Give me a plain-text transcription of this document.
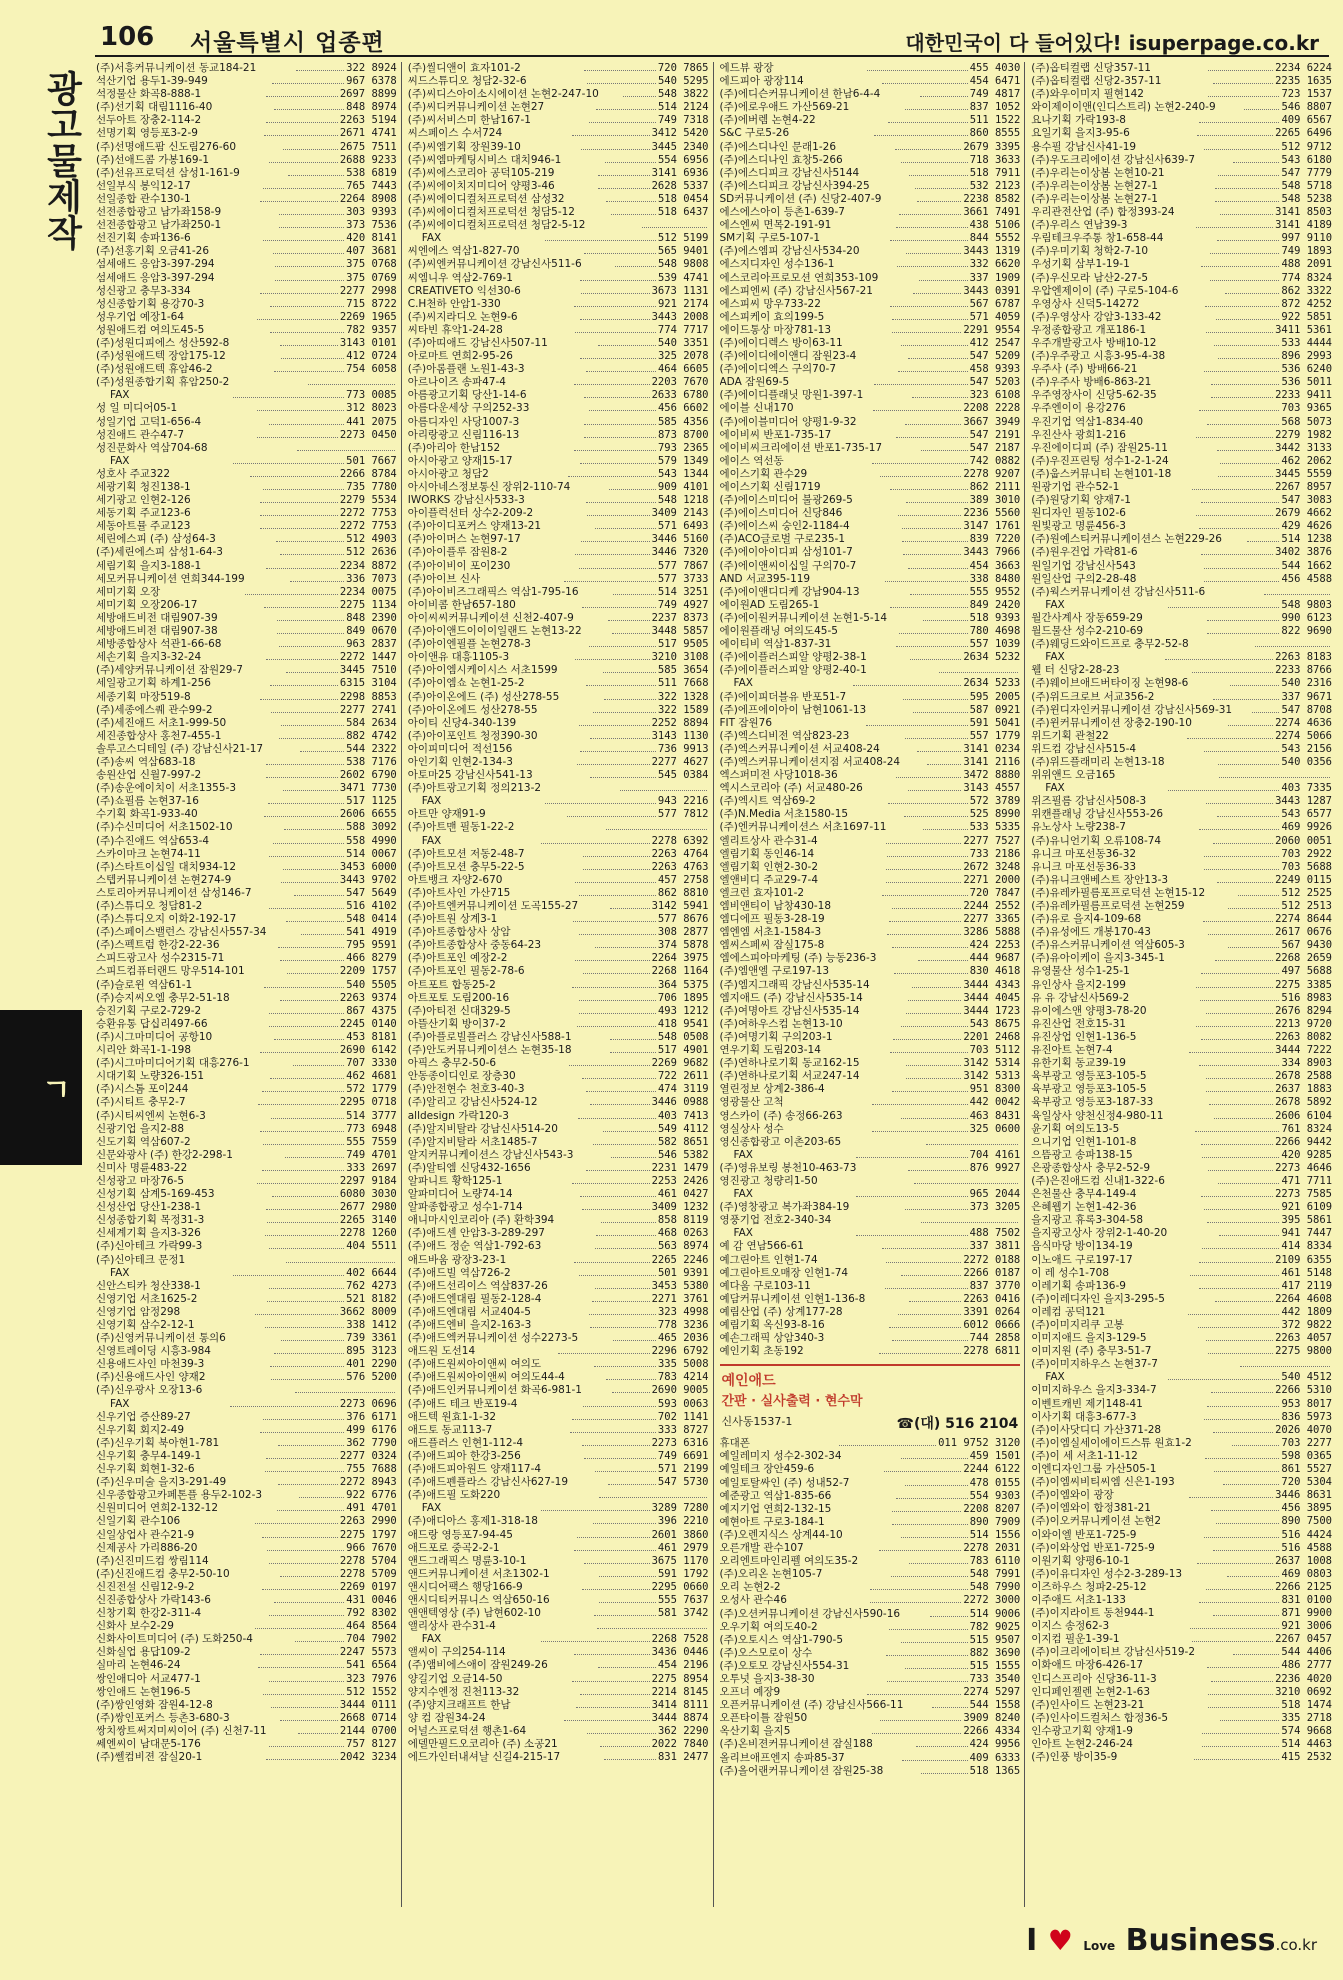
106 서울특별시 업종편	대한민국이 다 들어있다! isuperpage.co.kr
광고물제작
ㄱ
(주)서흥커뮤니케이션 동교184-21	322 8924
석산기업 용두1-39-949	967 6378
석정물산 화곡8-888-1	2697 8899
(주)선기획 대림1116-40	848 8974
선두아트 장충2-114-2	2263 5194
선명기획 영등포3-2-9	2671 4741
(주)선명애드팜 신도림276-60	2675 7511
(주)선애드콤 가봉169-1	2688 9233
(주)선유프로덕션 삼성1-161-9	538 6819
선일부식 봉익12-17	765 7443
선일종합 관수130-1	2264 8908
선전종합광고 남가좌158-9	303 9393
선전종합광고 남가좌250-1	373 7536
선진기획 송파136-6	420 8141
(주)선홍기획 오금41-26	407 3681
섬세애드 응암3-397-294	375 0768
섬세애드 응암3-397-294	375 0769
성신광고 충무3-334	2277 2998
성신종합기획 용강70-3	715 8722
성우기업 예장1-64	2269 1965
성원애드컴 여의도45-5	782 9357
(주)성원디피에스 성산592-8	3143 0101
(주)성원애드텍 장암175-12	412 0724
(주)성원애드텍 휴암46-2	754 6058
(주)성원종합기획 휴암250-2
FAX	773 0085
성 일 미디어05-1	312 8023
성일기업 고덕1-656-4	441 2075
성진애드 관수47-7	2273 0450
성진문화사 역삼704-68
FAX	501 7667
성호사 주교322	2266 8784
세광기획 청진138-1	735 7780
세기광고 인현2-126	2279 5534
세동기획 주교123-6	2272 7753
세동아트뮬 주교123	2272 7753
세린에스피 (주) 삼성64-3	512 4903
(주)세린에스피 삼성1-64-3	512 2636
세림기획 을지3-188-1	2234 8872
세모커뮤니케이션 연희344-199	336 7073
세미기획 오장	2234 0075
세미기획 오장206-17	2275 1134
세방애드비전 대림907-39	848 2390
세방애드비전 대림907-38	849 0670
세방종합상사 석관1-66-68	963 2837
세손기획 을지3-32-24	2272 1447
(주)세양커뮤니케이션 잠원29-7	3445 7510
세일광고기획 하계1-256	6315 3104
세종기획 마장519-8	2298 8853
(주)세종에스퀘 관수99-2	2277 2741
(주)세진애드 서초1-999-50	584 2634
세진종합상사 홍천7-455-1	882 4742
솔루고스디테일 (주) 강남신사21-17	544 2322
(주)송씨 역삼683-18	538 7176
송원산업 신월7-997-2	2602 6790
(주)송운에이치이 서초1355-3	3471 7730
(주)쇼필름 논현37-16	517 1125
수기획 화곡1-933-40	2606 6655
(주)수신미디어 서초1502-10	588 3092
(주)수진애드 역삼653-4	558 4990
스카이마크 논현74-11	514 0067
(주)스타트이십일 대치934-12	3453 6000
스텝커뮤니케이션 논현274-9	3443 9702
스토리아커뮤니케이션 삼성146-7	547 5649
(주)스튜디오 청담81-2	516 4102
(주)스튜디오지 이화2-192-17	548 0414
(주)스페이스밸런스 강남신사557-34	541 4919
(주)스펙트럼 한강2-22-36	795 9591
스피드광고사 성수2315-71	466 8279
스피드컴퓨터랜드 망우514-101	2209 1757
(주)슬로윈 역삼61-1	540 5505
(주)승지씨오엠 충무2-51-18	2263 9374
승진기획 구로2-729-2	867 4375
승환유통 답십리497-66	2245 0140
(주)시그마미디어 공항10	453 8181
시리안 화곡1-1-198	2690 6142
(주)시그마미디어기획 대흥276-1	707 3330
시대기획 노량326-151	462 4681
(주)시스톰 포이244	572 1779
(주)시티트 충무2-7	2295 0718
(주)시티씨엔씨 논현6-3	514 3777
신광기업 을지2-88	773 6948
신도기획 역삼607-2	555 7559
신문와광사 (주) 한강2-298-1	749 4701
신미사 명륜483-22	333 2697
신성광고 마장76-5	2297 9184
신성기획 삼계5-169-453	6080 3030
신성산업 당산1-238-1	2677 2980
신성종합기획 목정31-3	2265 3140
신세계기획 을지3-326	2278 1260
(주)신아테크 가락99-3	404 5511
(주)신아테크 문정1
FAX	402 6644
신안스티카 청산338-1	762 4273
신영기업 서초1625-2	521 8182
신영기업 암정298	3662 8009
신영기획 삼수2-12-1	338 1412
(주)신영커뮤니케이션 통의6	739 3361
신영트레이딩 시흥3-984	895 3123
신용애드사인 마천39-3	401 2290
(주)신용애드사인 양재2	576 5200
(주)신우광사 오장13-6
FAX	2273 0696
신우기업 증산89-27	376 6171
신우기획 회지2-49	499 6176
(주)신우기획 북아현1-781	362 7790
신우기획 충무4-149-1	2277 0324
신우기획 회현1-32-6	755 7688
(주)신우미술 을지3-291-49	2272 8943
신우종합광고카페톤플 용두2-102-3	922 6776
신원미디어 연희2-132-12	491 4701
신일기획 관수106	2263 2990
신일상업사 관수21-9	2275 1797
신제공사 가리886-20	966 7670
(주)신진미드컴 쌍림114	2278 5704
(주)신진애드컴 충무2-50-10	2278 5709
신진전설 신림12-9-2	2269 0197
신진종합상사 가락143-6	431 0046
신창기획 한강2-311-4	792 8302
신화사 보수2-29	464 8564
신화사이트미디어 (주) 도화250-4	704 7902
신화실업 용답109-2	2247 5573
실마리 논현46-24	541 6564
쌍인애디아 서교477-1	323 7976
쌍인애드 논현196-5	512 1552
(주)쌍인영화 잠원4-12-8	3444 0111
(주)쌍인포커스 등촌3-680-3	2668 0714
쌍치쌍트써지미씨이어 (주) 신천7-11	2144 0700
쎄엔씨이 남대문5-176	757 8127
(주)쎌컴비젼 잠실20-1	2042 3234
(주)씰디앤이 효자101-2	720 7865
씨드스튜디오 청담2-32-6	540 5295
(주)씨디스아이소시에이션 논현2-247-10	548 3822
(주)씨디커뮤니케이션 논현27	514 2124
(주)씨서비스미 한남167-1	749 7318
씨스페이스 수서724	3412 5420
(주)씨엠기획 장원39-10	3445 2340
(주)씨엠마케팅시비스 대치946-1	554 6956
(주)씨에스코리아 공덕105-219	3141 6936
(주)씨에이치지미디어 양평3-46	2628 5337
(주)씨에이디컬처프로덕션 삼성32	518 0454
(주)씨에이디컬처프로덕션 청담5-12	518 6437
(주)씨에이디컬처프로덕션 청담2-5-12
FAX	512 5199
씨엔에스 역삼1-827-70	565 9401
(주)씨엔커뮤니케이션 강남신사511-6	548 9808
씨엠니우 역삼2-769-1	539 4741
CREATIVETO 익선30-6	3673 1131
C.H천하 안암1-330	921 2174
(주)씨지라디오 논현9-6	3443 2008
씨타빈 휴악1-24-28	774 7717
(주)아띠애드 강남신사507-11	540 3351
아로마트 연희2-95-26	325 2078
(주)아롬플랜 노원1-43-3	464 6605
아르나이즈 송파47-4	2203 7670
아름광고기획 당산1-14-6	2633 6780
아름다운세상 구의252-33	456 6602
아름디자인 사당1007-3	585 4356
아리랑광고 신림116-13	873 8700
(주)아리아 한남152	793 2365
아시아광고 양재15-17	579 1349
아시아광고 청담2	543 1344
아시아네스정보통신 장위2-110-74	909 4101
IWORKS 강남신사533-3	548 1218
아이플럭선터 상수2-209-2	3409 2143
(주)아이디포커스 양재13-21	571 6493
(주)아이머스 논현97-17	3446 5160
(주)아이플루 잠원8-2	3446 7320
(주)아이비이 포이230	577 7867
(주)아이브 신사	577 3733
(주)아이비즈그래픽스 역삼1-795-16	514 3251
아이비콤 한남657-180	749 4927
아이씨씨커뮤니케이션 신천2-407-9	2237 8373
(주)아이앤드이이이일랜드 논현13-22	3448 5857
(주)아이엔필플 논현278-3	517 9505
아이앤유 대흥1105-3	3210 3108
(주)아이엠시케이시스 서초1599	585 3654
(주)아이엠쇼 논현1-25-2	511 7668
(주)아이온에드 (주) 성산278-55	322 1328
(주)아이온에드 성산278-55	322 1589
아이티 신당4-340-139	2252 8894
(주)아이포인트 청정390-30	3143 1130
아이피미디어 적선156	736 9913
아인기획 인현2-134-3	2277 4627
아토마25 강남신사541-13	545 0384
(주)아트광고기획 정의213-2
FAX	943 2216
아트만 양재91-9	577 7812
(주)아트맨 필동1-22-2
FAX	2278 6392
(주)아트모션 저동2-48-7	2263 4764
(주)아트모션 충무5-22-5	2263 4763
아트뱅크 자양2-670	457 2758
(주)아트사인 가산715	862 8810
(주)아트엔커뮤니케이션 도곡155-27	3142 5941
(주)아트원 상계3-1	577 8676
(주)아트종합상사 상암	308 2877
(주)아트종합상사 중동64-23	374 5878
(주)아트포인 예장2-2	2264 3975
(주)아트포인 필동2-78-6	2268 1164
아트포트 합동25-2	364 5375
아트포토 도림200-16	706 1895
(주)아티전 신대329-5	493 1212
아뜰산기획 방이37-2	418 9541
(주)아플로빌플러스 강남신사588-1	548 0508
(주)안도커뮤니케이션스 논현35-18	517 4901
아픽스 충무2-50-6	2269 9682
안동종이디인로 장층30	722 2611
(주)안전현수 천호3-40-3	474 3119
(주)알리고 강남신사524-12	3446 0988
alldesign 가락120-3	403 7413
(주)알지비탈라 강남신사514-20	549 4112
(주)알지비탈라 서초1485-7	582 8651
알지커뮤니케이션스 강남신사543-3	546 5382
(주)알티엠 신당432-1656	2231 1479
알파니트 황학125-1	2253 2426
알파미디어 노량74-14	461 0427
알파종합광고 성수1-714	3409 1232
애니마시인코리아 (주) 환학394	858 8119
(주)애드센 안암3-3-289-297	468 0263
(주)애드 정순 역삼1-792-63	563 8974
애드바움 광장3-23-1	2265 2246
(주)애드빌 역삼726-2	501 9391
(주)애드선리이스 역삼837-26	3453 5380
(주)애드엔대림 필동2-128-4	2271 3761
(주)애드엔대림 서교404-5	323 4998
(주)애드엔비 을지2-163-3	778 3236
(주)애드엑커뮤니케이션 성수2273-5	465 2036
애드원 도선14	2296 6792
(주)애드원씨아이앤씨 여의도	335 5008
(주)애드원씨아이앤씨 여의도44-4	783 4214
(주)애드인커뮤니케이션 화곡6-981-1	2690 9005
(주)애드 테크 반포19-4	593 0063
애드텍 원효1-1-32	702 1141
애드토 동교113-7	333 8727
애드플러스 인현1-112-4	2273 6316
(주)애드피아 한강3-256	749 6691
(주)애드피아원드 양재117-4	571 2199
(주)애드펜플라스 강남신사627-19	547 5730
(주)애드필 도화220
FAX	3289 7280
(주)애디아스 홍제1-318-18	396 2210
애드랑 영등포7-94-45	2601 3860
애드포로 중곡2-2-1	461 2979
앤드그래픽스 명륜3-10-1	3675 1170
앤드커뮤니케이션 서초1302-1	591 1792
앤시디어팩스 행당166-9	2295 0660
앤시디티커뮤니스 역삼650-16	555 7637
앤앤텍영상 (주) 남현602-10	581 3742
앨리상사 관수31-4
FAX	2268 7528
앨씨이 구의254-114	3436 0446
(주)앰비에스애이 잠원249-26	454 2196
양길기업 오금14-50	2275 8954
양지수엔정 진천113-32	2214 8145
(주)양지크래프트 한남	3414 8111
양 컴 잠원34-24	3444 8874
어널스프로덕션 행촌1-64	362 2290
에델만필드오코리아 (주) 소공21	2022 7840
에드가인터내셔날 신길4-215-17	831 2477
에드뷰 광장	455 4030
에드피아 광장114	454 6471
(주)에디슨커뮤니케이션 한남6-4-4	749 4817
(주)에로우애드 가산569-21	837 1052
(주)에버렘 논현4-22	511 1522
S&C 구로5-26	860 8555
(주)에스디나인 문래1-26	2679 3395
(주)에스디나인 효창5-266	718 3633
(주)에스디피크 강남신사5144	518 7911
(주)에스디피크 강남신사394-25	532 2123
SD커뮤니케이션 (주) 신당2-407-9	2238 8582
에스에스아이 등촌1-639-7	3661 7491
에스엔씨 면목2-191-91	438 5106
SM기획 구로5-107-1	844 5552
(주)에스엠피 강남신사534-20	3443 1319
에스지디자인 성수136-1	332 6620
에스코리아프로모션 연희353-109	337 1909
에스피엔씨 (주) 강남신사567-21	3443 0391
에스피씨 망우733-22	567 6787
에스피케이 효의199-5	571 4059
에이드통상 마장781-13	2291 9554
(주)에이디렉스 방이63-11	412 2547
(주)에이디에이앤디 잠원23-4	547 5209
(주)에이디엑스 구의70-7	458 9393
ADA 잠원69-5	547 5203
(주)에이디플래닛 망원1-397-1	323 6108
에이블 신내170	2208 2228
(주)에이블미디어 양평1-9-32	3667 3949
에이비씨 반포1-735-17	547 2191
에이비씨크리에이션 반포1-735-17	547 2187
에이스 역선동	742 0882
에이스기획 관수29	2278 9207
에이스기획 신림1719	862 2111
(주)에이스미디어 불광269-5	389 3010
(주)에이스미디어 신당846	2236 5560
(주)에이스씨 숭인2-1184-4	3147 1761
(주)ACO글로벌 구로235-1	839 7220
(주)에이아이디피 삼성101-7	3443 7966
(주)에이앤씨이십일 구의70-7	454 3663
AND 서교395-119	338 8480
(주)에이앤디디케 강남904-13	555 9552
에이원AD 도림265-1	849 2420
(주)에이원커뮤니케이션 논현1-5-14	518 9393
에이원플래닝 여의도45-5	780 4698
에이티비 역삼1-837-31	557 1039
(주)에이플러스피알 양평2-38-1	2634 5232
(주)에이플러스피알 양평2-40-1
FAX	2634 5233
(주)에이피더블유 반포51-7	595 2005
(주)에프에이아이 남현1061-13	587 0921
FIT 잠원76	591 5041
(주)엑스디비전 역삼823-23	557 1779
(주)엑스커뮤니케이션 서교408-24	3141 0234
(주)엑스커뮤니케이션지점 서교408-24	3141 2116
엑스퍼미전 사당1018-36	3472 8880
엑시스코리아 (주) 서교480-26	3143 4557
(주)엑시트 역삼69-2	572 3789
(주)N.Media 서초1580-15	525 8990
(주)엔커뮤니케이션스 서초1697-11	533 5335
엘리트상사 관수31-4	2277 7527
엘림기획 동인46-14	733 2186
엘림기획 인현2-30-2	2672 3248
엘앤비디 주교29-7-4	2271 2000
엘크런 효자101-2	720 7847
엠비앤티이 남창430-18	2244 2552
엠디에프 필동3-28-19	2277 3365
엠엔엠 서초1-1584-3	3286 5888
엠씨스페씨 잠실175-8	424 2253
엠에스피아마케팅 (주) 능동236-3	444 9687
(주)엠앤엘 구로197-13	830 4618
(주)엠지그래픽 강남신사535-14	3444 4343
엠지애드 (주) 강남신사535-14	3444 4045
(주)여명아트 강남신사535-14	3444 1723
(주)여하우스컴 논현13-10	543 8675
(주)여명기획 구의203-1	2201 2468
연우기획 도림203-14	703 5112
(주)연하나로기획 동교162-15	3142 5314
(주)연하나로기획 서교247-14	3142 5313
열린정보 상계2-386-4	951 8300
영광물산 고척	442 0042
영스카이 (주) 송정66-263	463 8431
영실상사 성수	325 0600
영신종합광고 이촌203-65
FAX	704 4161
(주)영유보링 봉천10-463-73	876 9927
영진광고 청량리1-50
FAX	965 2044
(주)영창광고 복가좌384-19	373 3205
영풍기업 전호2-340-34
FAX	488 7502
예 감 연남566-61	337 3811
예그린아트 인현1-74	2272 0188
예그린아트오매장 인현1-74	2266 0187
예다움 구로103-11	837 3770
예담커뮤니케이션 인현1-136-8	2263 0416
예림산업 (주) 상계177-28	3391 0264
예림기획 옥신93-8-16	6012 0666
예손그래픽 상암340-3	744 2858
예인기획 초동192	2278 6811
예인애드
간판 · 실사출력 · 현수막
신사동1537-1	☎(대) 516 2104
휴대폰	011 9752 3120
예일레미지 성수2-302-34	459 1501
예일테크 장안459-6	2244 6122
예일토탈싸인 (주) 성내52-7	478 0155
예준광고 역삼1-835-66	554 9303
예지기업 연희2-132-15	2208 8207
예현아트 구로3-184-1	890 7909
(주)오렌지식스 상계44-10	514 1556
오른개발 관수107	2278 2031
오리엔트마인리펠 여의도35-2	783 6110
(주)오리온 논현105-7	548 7991
오리 논현2-2	548 7990
오성사 관수46	2272 3000
(주)오션커뮤니케이션 강남신사590-16	514 9006
오우기획 여의도40-2	782 9025
(주)오토시스 역삼1-790-5	515 9507
(주)오스모로이 상수	882 3690
(주)오토모 강남신사554-31	515 1555
오투넛 을지3-38-30	733 3540
오프너 예장9	2274 5297
오픈커뮤니케이션 (주) 강남신사566-11	544 1558
오픈타이틀 잠원50	3909 8240
옥산기획 을지5	2266 4334
(주)온비젼커뮤니케이션 잠실188	424 9956
올리브애프엔지 송파85-37	409 6333
(주)올어랜커뮤니케이션 잠원25-38	518 1365
(주)옵티컬랩 신당357-11	2234 6224
(주)옵티컬랩 신당2-357-11	2235 1635
(주)와우이미지 필현142	723 1537
와이제이이앤(인디스트리) 논현2-240-9	546 8807
요나기획 가락193-8	409 6567
요일기획 을지3-95-6	2265 6496
용수필 강남신사41-19	512 9712
(주)우도크리에이션 강남신사639-7	543 6180
(주)우리는이상봄 논현10-21	547 7779
(주)우리는이상봄 논현27-1	548 5718
(주)우리는이상봄 논현27-1	548 5238
우리관전산업 (주) 합정393-24	3141 8503
(주)우리스 연남39-3	3141 4189
우림테크우주통 창1-658-44	997 9110
(주)우미기획 청학2-7-10	749 1893
우성기획 삼부1-19-1	488 2091
(주)우신모라 남산2-27-5	774 8324
우압엔제이이 (주) 구로5-104-6	862 3322
우영상사 신덕5-14272	872 4252
(주)우영상사 강암3-133-42	922 5851
우정종합광고 개포186-1	3411 5361
우주개발광고사 방배10-12	533 4444
(주)우주광고 시흥3-95-4-38	896 2993
우주사 (주) 방배66-21	536 6240
(주)우주사 방배6-863-21	536 5011
우주영장사이 신당5-62-35	2233 9411
우주엔이이 용강276	703 9365
우진기업 역삼1-834-40	568 5073
우진산사 광희1-216	2279 1982
우진에이디피 (주) 잠원25-11	3442 3133
(주)우진프린팅 성수1-2-1-24	462 2062
(주)웁스커뮤니티 논현101-18	3445 5559
원광기업 관수52-1	2267 8957
(주)원당기획 양재7-1	547 3083
원디자인 필동102-6	2679 4662
원빛광고 명륜456-3	429 4626
(주)원예스티커뮤니케이션스 논현229-26	514 1238
(주)원우건업 가락81-6	3402 3876
원일기업 강남신사543	544 1662
원일산업 구의2-28-48	456 4588
(주)웍스커뮤니케이션 강남신사511-6
FAX	548 9803
월간사계사 장동659-29	990 6123
월드물산 성수2-210-69	822 9690
(주)웨딩드와이드프로 충무2-52-8
FAX	2263 8183
웰 터 신당2-28-23	2233 8766
(주)웨이브애드버타이징 논현98-6	540 2316
(주)위드크로브 서교356-2	337 9671
(주)윈디자인커뮤니케이션 강남신사569-31	547 8708
(주)윈커뮤니케이션 장충2-190-10	2274 4636
위드기획 관철22	2274 5066
위드컴 강남신사515-4	543 2156
(주)위드플래미리 논현13-18	540 0356
위위앤드 오금165
FAX	403 7335
위즈필름 강남신사508-3	3443 1287
위캔플래닝 강남신사553-26	543 6577
유노상사 노량238-7	469 9926
(주)유니언기획 오류108-74	2060 0051
유니크 마포선동36-32	703 2922
유니크 마포선동36-33	703 5688
(주)유니크앤베스트 장안13-3	2249 0115
(주)유레카필름포프로덕션 논현15-12	512 2525
(주)유레카필름프로덕션 논현259	512 2513
(주)유로 을지4-109-68	2274 8644
(주)유성에드 개봉170-43	2617 0676
(주)유스커뮤니케이션 역삼605-3	567 9430
(주)유아이케이 을지3-345-1	2268 2659
유영물산 성수1-25-1	497 5688
유인상사 을지2-199	2275 3385
유 유 강남신사569-2	516 8983
유이에스앤 양평3-78-20	2676 8294
유진산업 전호15-31	2213 9720
유진상업 인현1-136-5	2263 8082
유진아트 논현7-4	3444 7222
유한기획 동교39-19	334 8903
육부광고 영등포3-105-5	2678 2588
육부광고 영등포3-105-5	2637 1883
육부광고 영등포3-187-33	2678 5892
육일상사 양천신정4-980-11	2606 6104
윤기획 여의도13-5	761 8324
으니기업 인현1-101-8	2266 9442
으뜸광고 송파138-15	420 9285
은광종합상사 충무2-52-9	2273 4646
(주)은진애드컴 신내1-322-6	471 7711
은천물산 충무4-149-4	2273 7585
은혜웹기 논현1-42-36	921 6109
을지광고 휴록3-304-58	395 5861
을지광고상사 장위2-1-40-20	941 7447
음식마당 방이134-19	414 8334
이노애드 구로197-17	2109 6355
이 레 성수1-708	461 5148
이레기획 송파136-9	417 2119
(주)이레디자인 을지3-295-5	2264 4608
이레컴 공덕121	442 1809
(주)이미지리쿠 고봉	372 9822
이미지애드 을지3-129-5	2263 4057
이미지원 (주) 충무3-51-7	2275 9800
(주)이미지하우스 논현37-7
FAX	540 4512
이미지하우스 을지3-334-7	2266 5310
이벤트캐빈 제기148-41	953 8017
이사기획 대흥3-677-3	836 5973
(주)이사닷디디 가산371-28	2026 4070
(주)이엠실세이에이드스튜 원효1-2	703 2277
(주)이 세 서초1-11-12	598 0365
이엔디자인그룹 가산505-1	861 5527
(주)이엠씨비티씨엠 신은1-193	720 5304
(주)이엠와이 광장	3446 8631
(주)이엠와이 합정381-21	456 3895
(주)이오커뮤니케이션 논현2	890 7500
이와이엘 반포1-725-9	516 4424
(주)이와상업 반포1-725-9	516 4588
이원기획 양평6-10-1	2637 1008
(주)이유디자인 성수2-3-289-13	469 0803
이즈하우스 청파2-25-12	2266 2125
이주애드 서초1-133	831 0100
(주)이지라이트 동천944-1	871 9900
이지스 송정62-3	921 3006
이지컴 필운1-39-1	2267 0457
(주)이크리에이티브 강남신사519-2	544 4406
이화애드 마장6-426-17	486 2777
인디스프리아 신당36-11-3	2236 4020
인디페인젤렌 논현2-1-63	3210 0692
(주)인사이드 논현23-21	518 1474
(주)인사이드컬처스 합정36-5	335 2718
인수광고기획 양재1-9	574 9668
인아트 논현2-246-24	514 4463
(주)인풍 방이35-9	415 2532
I ♥ Love Business.co.kr
